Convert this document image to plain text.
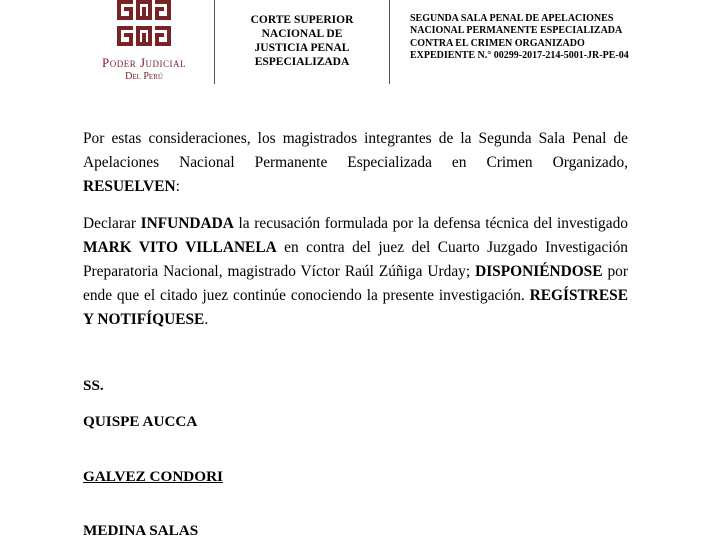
Poder Judicial
Del Perú
CORTE SUPERIOR
NACIONAL DE
JUSTICIA PENAL
ESPECIALIZADA
SEGUNDA SALA PENAL DE APELACIONES
NACIONAL PERMANENTE ESPECIALIZADA
CONTRA EL CRIMEN ORGANIZADO
EXPEDIENTE N.° 00299-2017-214-5001-JR-PE-04

Por estas consideraciones, los magistrados integrantes de la Segunda Sala Penal de Apelaciones Nacional Permanente Especializada en Crimen Organizado, RESUELVEN:

Declarar INFUNDADA la recusación formulada por la defensa técnica del investigado MARK VITO VILLANELA en contra del juez del Cuarto Juzgado Investigación Preparatoria Nacional, magistrado Víctor Raúl Zúñiga Urday; DISPONIÉNDOSE por ende que el citado juez continúe conociendo la presente investigación. REGÍSTRESE Y NOTIFÍQUESE.

SS.
QUISPE AUCCA
GALVEZ CONDORI
MEDINA SALAS
